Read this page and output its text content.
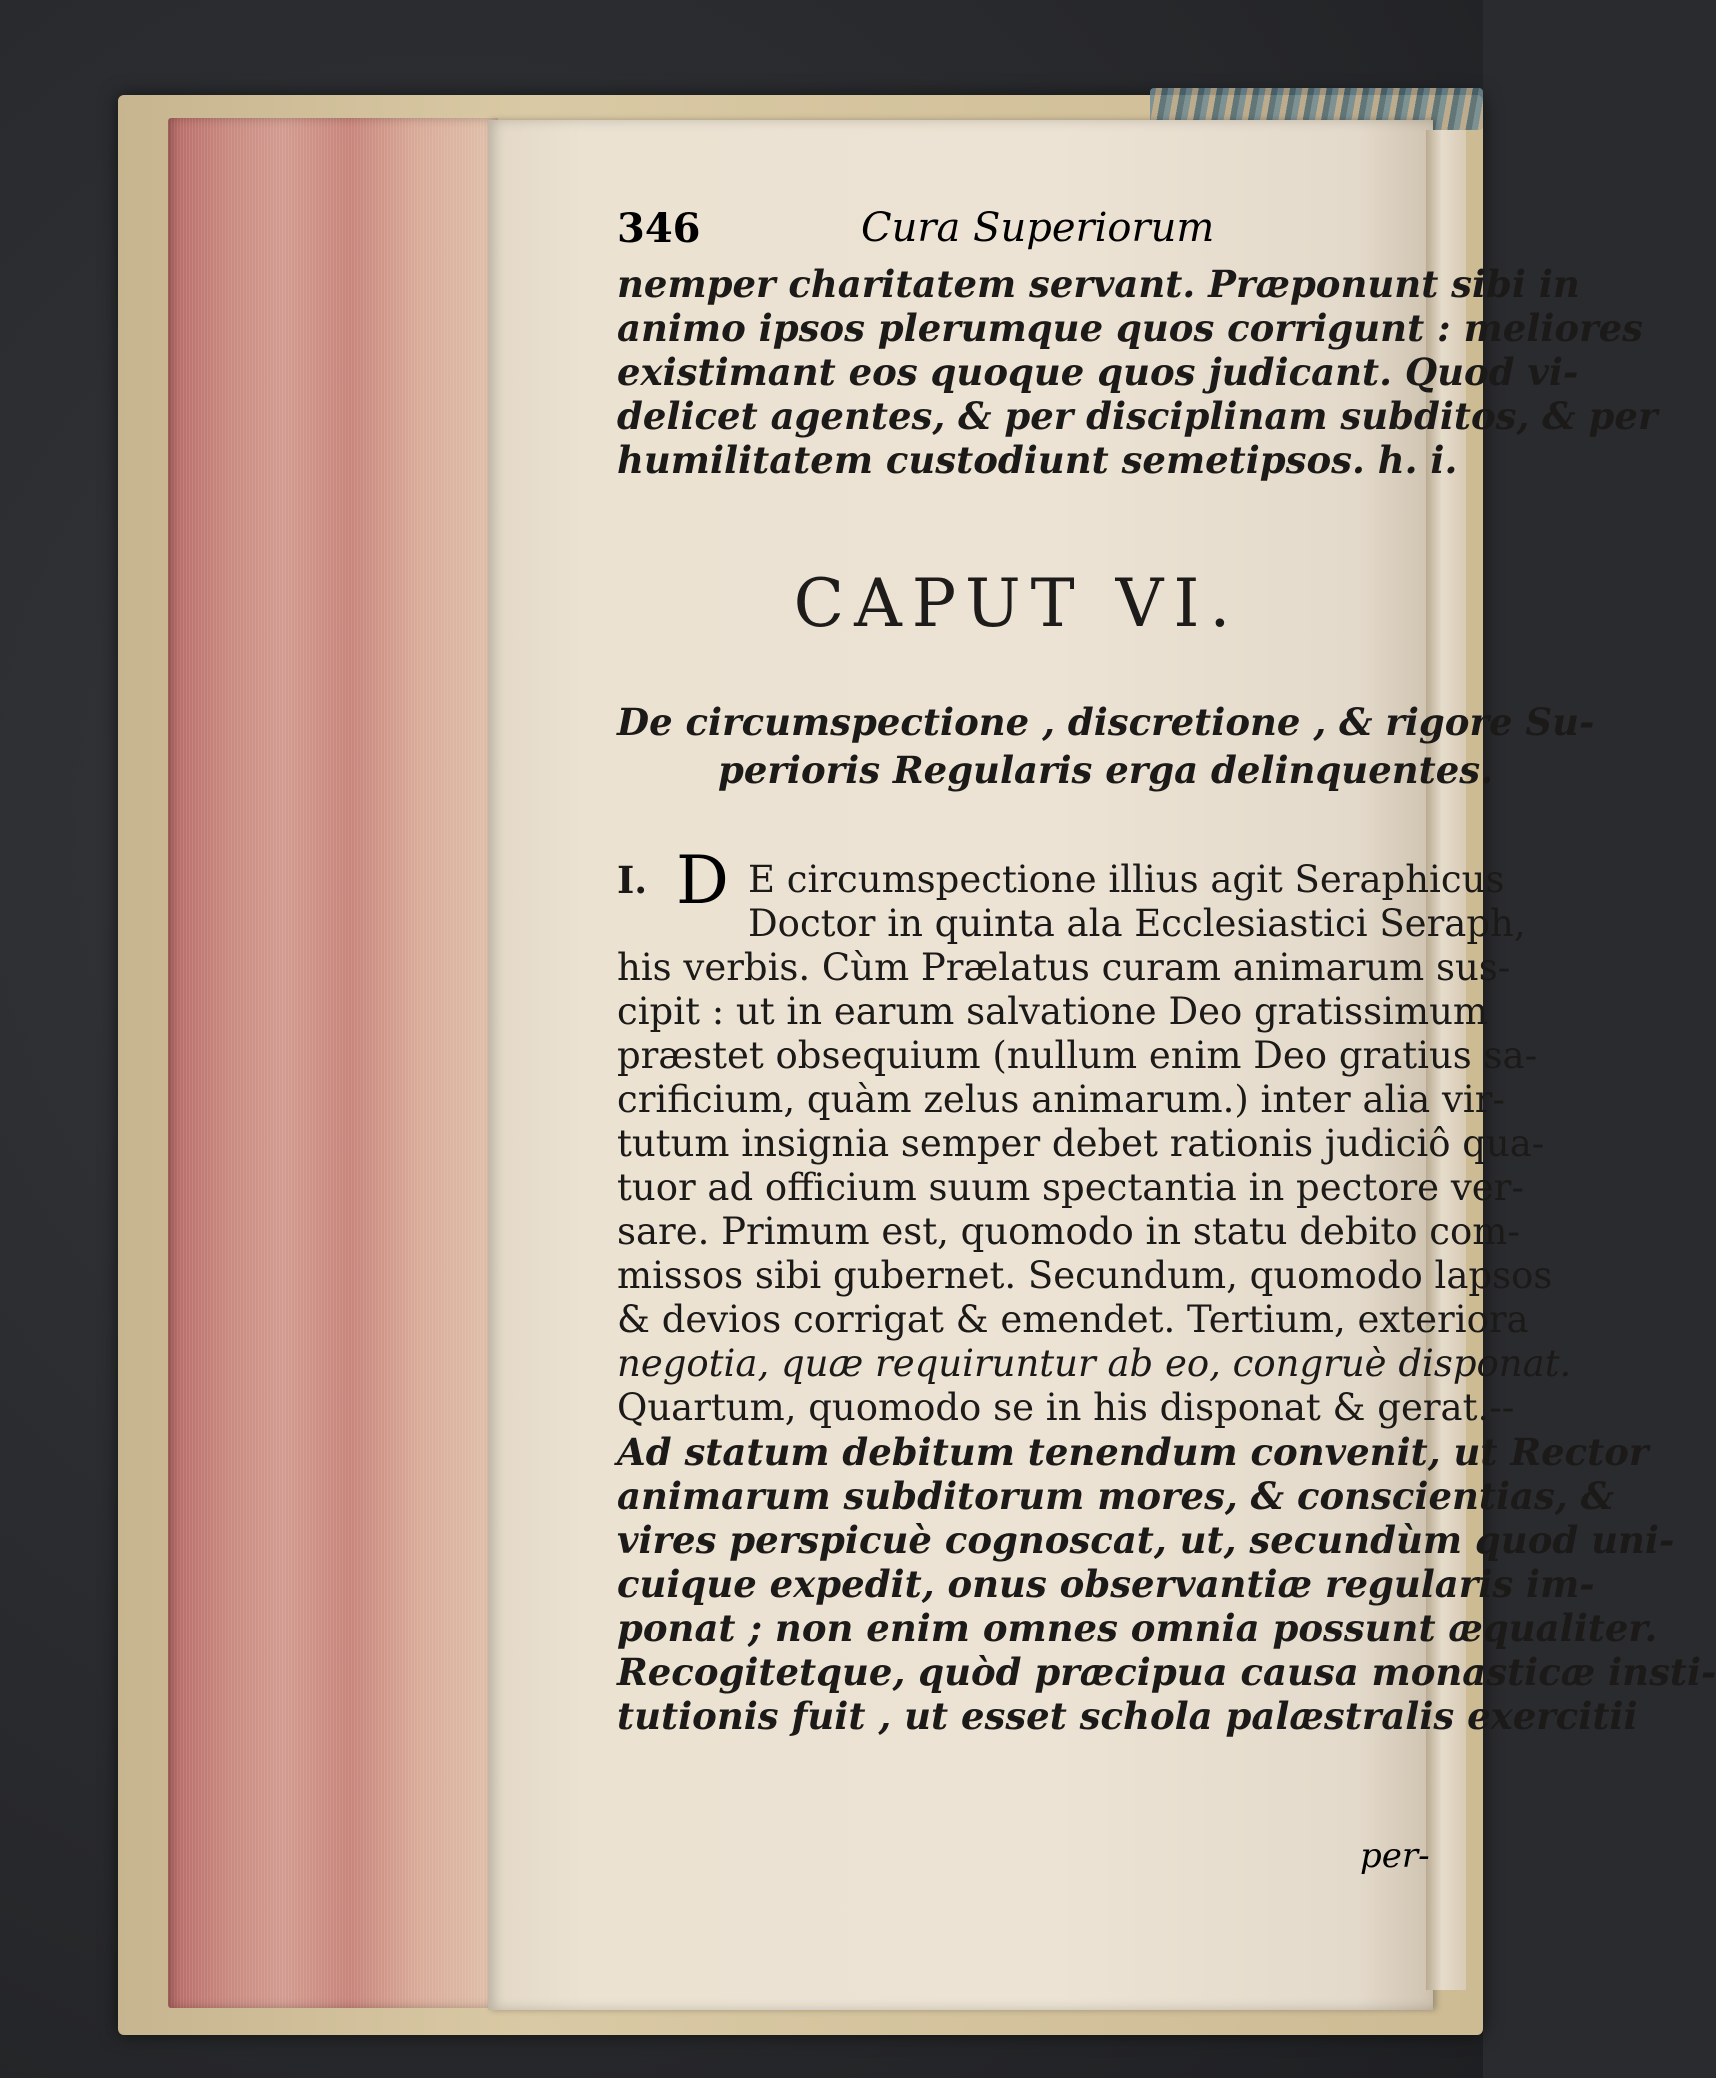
346	Cura Superiorum
nemper charitatem servant. Præponunt sibi in
animo ipsos plerumque quos corrigunt : meliores
existimant eos quoque quos judicant. Quod vi-
delicet agentes, & per disciplinam subditos, & per
humilitatem custodiunt semetipsos. h. i.
CAPUT VI.
De circumspectione , discretione , & rigore Su-
perioris Regularis erga delinquentes.
I. D E circumspectione illius agit Seraphicus
Doctor in quinta ala Ecclesiastici Seraph,
his verbis. Cùm Prælatus curam animarum sus-
cipit : ut in earum salvatione Deo gratissimum
præstet obsequium (nullum enim Deo gratius sa-
crificium, quàm zelus animarum.) inter alia vir-
tutum insignia semper debet rationis judiciô qua-
tuor ad officium suum spectantia in pectore ver-
sare. Primum est, quomodo in statu debito com-
missos sibi gubernet. Secundum, quomodo lapsos
& devios corrigat & emendet. Tertium, exteriora
negotia, quæ requiruntur ab eo, congruè disponat.
Quartum, quomodo se in his disponat & gerat.--
Ad statum debitum tenendum convenit, ut Rector
animarum subditorum mores, & conscientias, &
vires perspicuè cognoscat, ut, secundùm quod uni-
cuique expedit, onus observantiæ regularis im-
ponat ; non enim omnes omnia possunt æqualiter.
Recogitetque, quòd præcipua causa monasticæ insti-
tutionis fuit , ut esset schola palæstralis exercitii
per-
